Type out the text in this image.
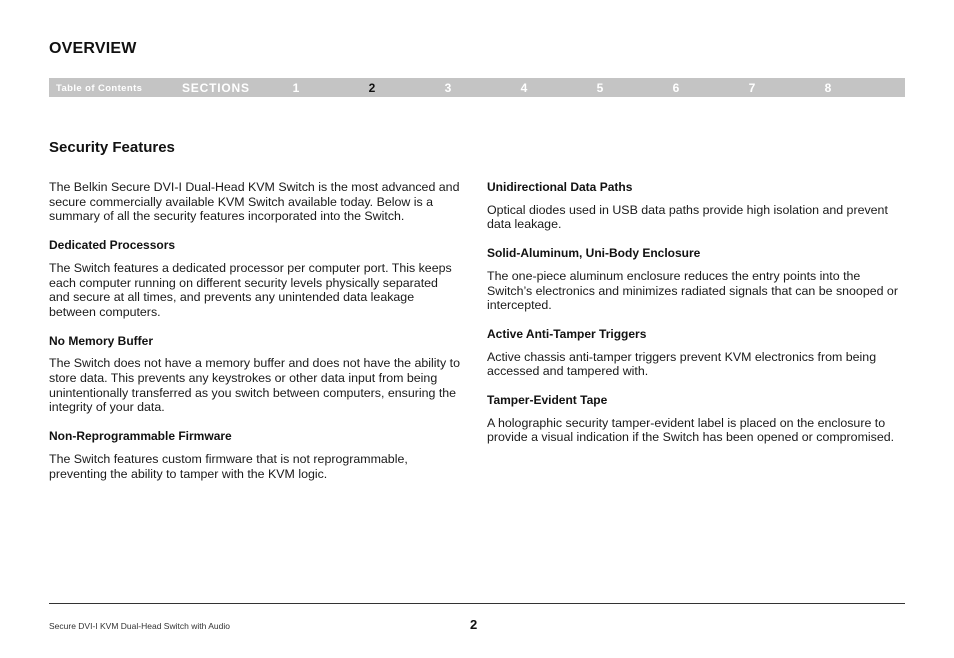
OVERVIEW
Table of Contents	SECTIONS	1	2	3	4	5	6	7	8
Security Features

The Belkin Secure DVI-I Dual-Head KVM Switch is the most advanced and secure commercially available KVM Switch available today. Below is a summary of all the security features incorporated into the Switch.

Dedicated Processors

The Switch features a dedicated processor per computer port. This keeps each computer running on different security levels physically separated and secure at all times, and prevents any unintended data leakage between computers.

No Memory Buffer

The Switch does not have a memory buffer and does not have the ability to store data. This prevents any keystrokes or other data input from being unintentionally transferred as you switch between computers, ensuring the integrity of your data.

Non-Reprogrammable Firmware

The Switch features custom firmware that is not reprogrammable, preventing the ability to tamper with the KVM logic.

Unidirectional Data Paths

Optical diodes used in USB data paths provide high isolation and prevent data leakage.

Solid-Aluminum, Uni-Body Enclosure

The one-piece aluminum enclosure reduces the entry points into the Switch’s electronics and minimizes radiated signals that can be snooped or intercepted.

Active Anti-Tamper Triggers

Active chassis anti-tamper triggers prevent KVM electronics from being accessed and tampered with.

Tamper-Evident Tape

A holographic security tamper-evident label is placed on the enclosure to provide a visual indication if the Switch has been opened or compromised.

Secure DVI-I KVM Dual-Head Switch with Audio	2
